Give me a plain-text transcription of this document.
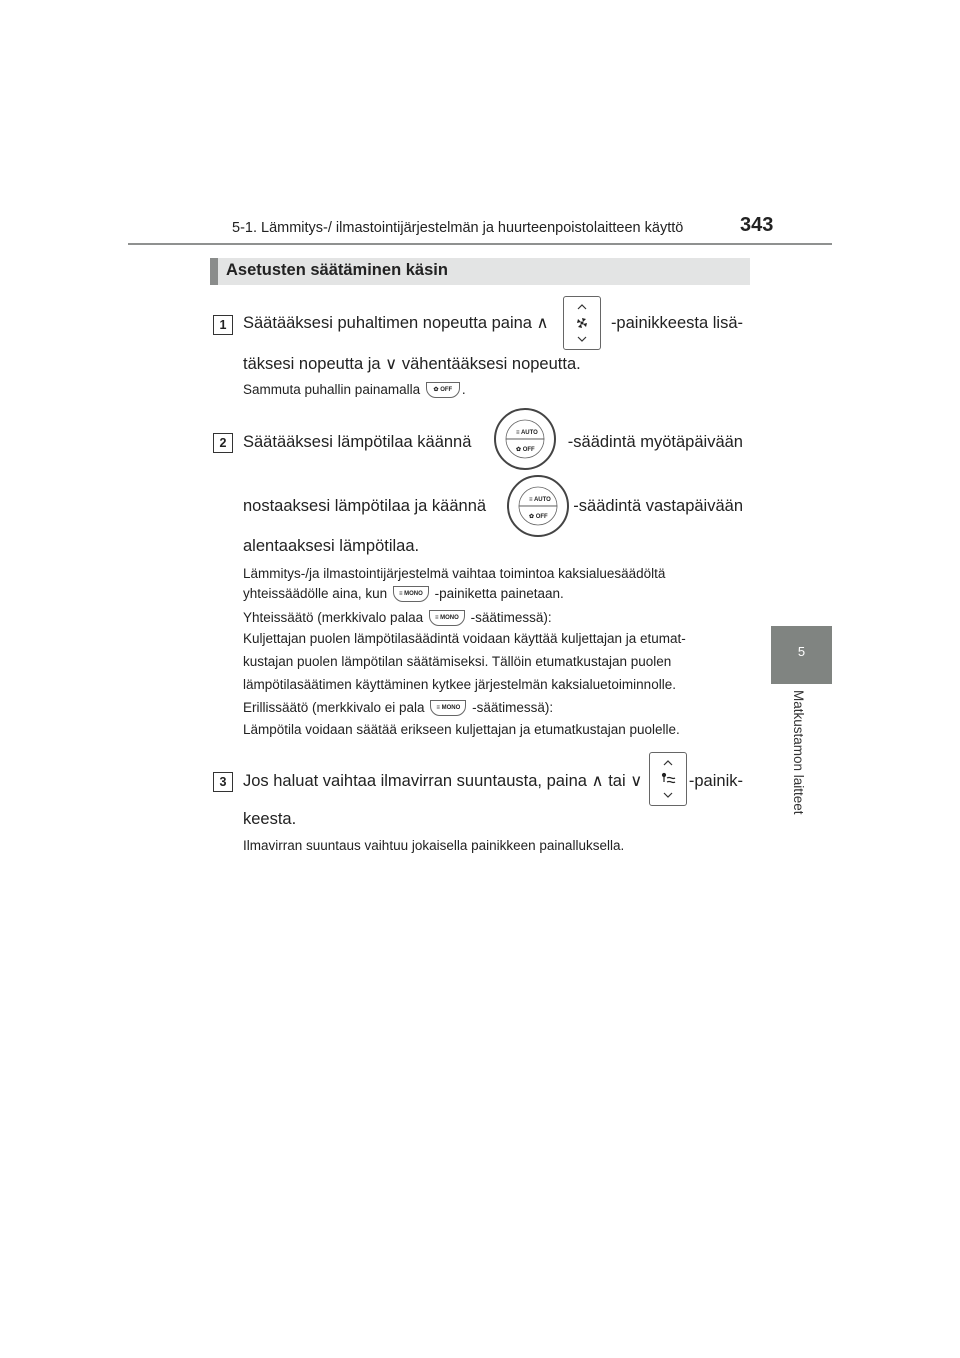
5-1. Lämmitys-/ ilmastointijärjestelmän ja huurteenpoistolaitteen käyttö	343
5
Matkustamon laitteet
Asetusten säätäminen käsin
1	Säätääksesi puhaltimen nopeutta paina ∧	-painikkeesta lisä-
täksesi nopeutta ja ∨ vähentääksesi nopeutta.
Sammuta puhallin painamalla ✿ OFF .
2	Säätääksesi lämpötilaa käännä	-säädintä myötäpäivään
≡ AUTO
✿ OFF
nostaaksesi lämpötilaa ja käännä	-säädintä vastapäivään
≡ AUTO
✿ OFF
alentaaksesi lämpötilaa.
Lämmitys-/ja ilmastointijärjestelmä vaihtaa toimintoa kaksialuesäädöltä
yhteissäädölle aina, kun ≡ MONO -painiketta painetaan.
Yhteissäätö (merkkivalo palaa ≡ MONO -säätimessä):
Kuljettajan puolen lämpötilasäädintä voidaan käyttää kuljettajan ja etumat-
kustajan puolen lämpötilan säätämiseksi. Tällöin etumatkustajan puolen
lämpötilasäätimen käyttäminen kytkee järjestelmän kaksialuetoiminnolle.
Erillissäätö (merkkivalo ei pala ≡ MONO -säätimessä):
Lämpötila voidaan säätää erikseen kuljettajan ja etumatkustajan puolelle.
3	Jos haluat vaihtaa ilmavirran suuntausta, paina ∧ tai ∨	-painik-
keesta.
Ilmavirran suuntaus vaihtuu jokaisella painikkeen painalluksella.
